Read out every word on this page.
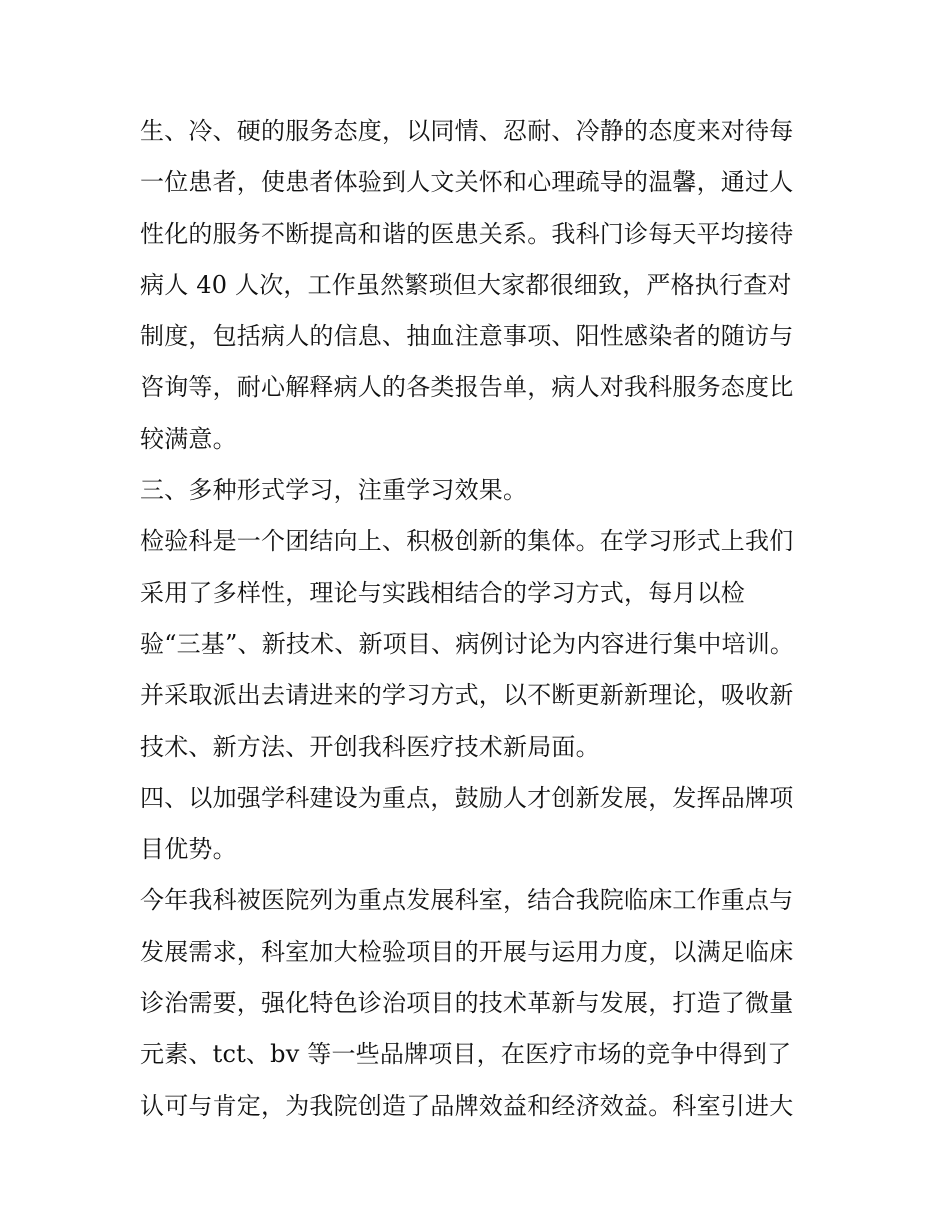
生、冷、硬的服务态度，以同情、忍耐、冷静的态度来对待每
一位患者，使患者体验到人文关怀和心理疏导的温馨，通过人
性化的服务不断提高和谐的医患关系。我科门诊每天平均接待
病人 40 人次，工作虽然繁琐但大家都很细致，严格执行查对
制度，包括病人的信息、抽血注意事项、阳性感染者的随访与
咨询等，耐心解释病人的各类报告单，病人对我科服务态度比
较满意。
三、多种形式学习，注重学习效果。
检验科是一个团结向上、积极创新的集体。在学习形式上我们
采用了多样性，理论与实践相结合的学习方式，每月以检
验“三基”、新技术、新项目、病例讨论为内容进行集中培训。
并采取派出去请进来的学习方式，以不断更新新理论，吸收新
技术、新方法、开创我科医疗技术新局面。
四、以加强学科建设为重点，鼓励人才创新发展，发挥品牌项
目优势。
今年我科被医院列为重点发展科室，结合我院临床工作重点与
发展需求，科室加大检验项目的开展与运用力度，以满足临床
诊治需要，强化特色诊治项目的技术革新与发展，打造了微量
元素、tct、bv 等一些品牌项目，在医疗市场的竞争中得到了
认可与肯定，为我院创造了品牌效益和经济效益。科室引进大
